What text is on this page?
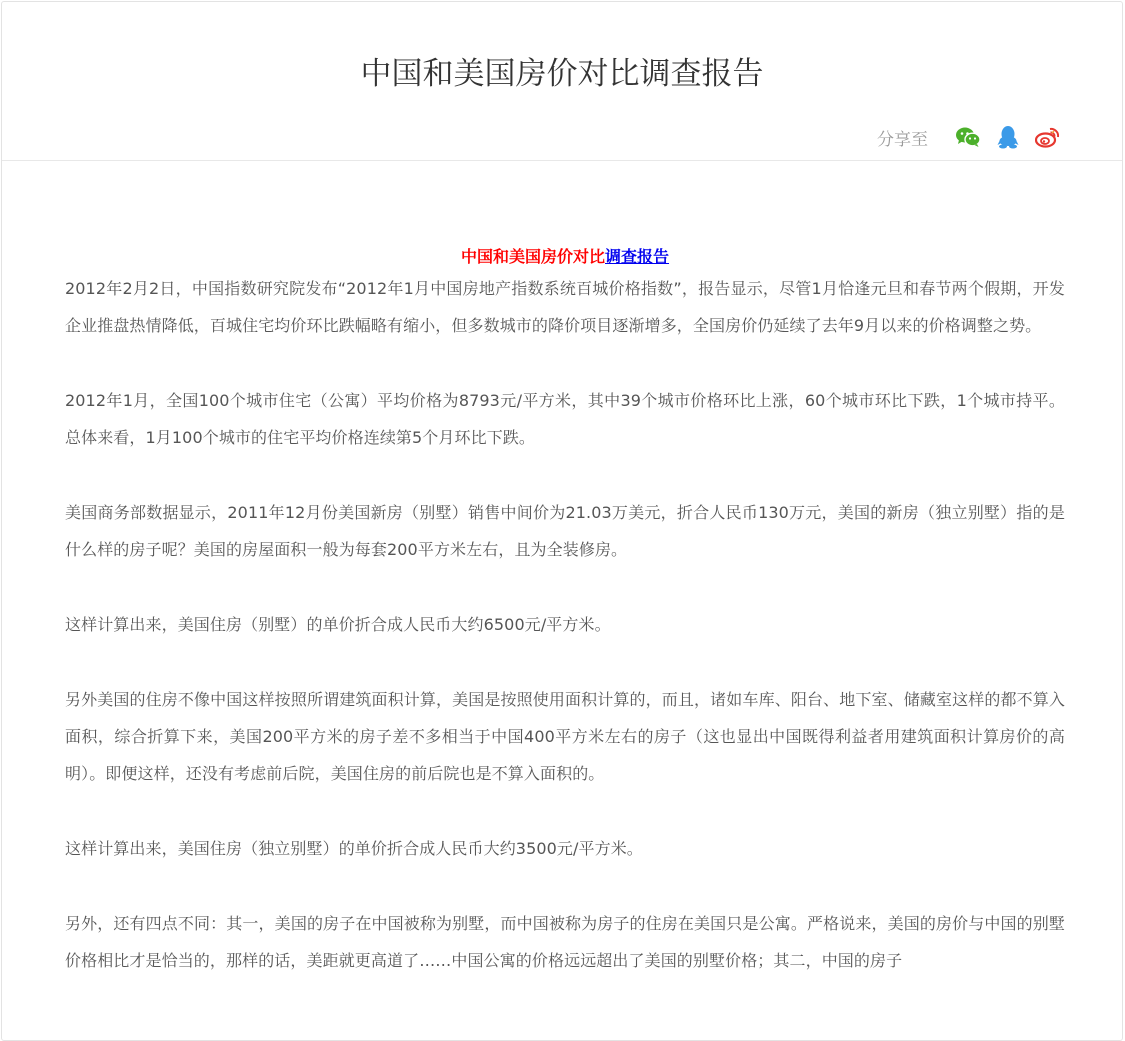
中国和美国房价对比调查报告
分享至
中国和美国房价对比调查报告

2012年2月2日，中国指数研究院发布“2012年1月中国房地产指数系统百城价格指数”，报告显示，尽管1月恰逢元旦和春节两个假期，开发企业推盘热情降低，百城住宅均价环比跌幅略有缩小，但多数城市的降价项目逐渐增多，全国房价仍延续了去年9月以来的价格调整之势。

2012年1月，全国100个城市住宅（公寓）平均价格为8793元/平方米，其中39个城市价格环比上涨，60个城市环比下跌，1个城市持平。总体来看，1月100个城市的住宅平均价格连续第5个月环比下跌。

美国商务部数据显示，2011年12月份美国新房（别墅）销售中间价为21.03万美元，折合人民币130万元，美国的新房（独立别墅）指的是什么样的房子呢？美国的房屋面积一般为每套200平方米左右，且为全装修房。

这样计算出来，美国住房（别墅）的单价折合成人民币大约6500元/平方米。

另外美国的住房不像中国这样按照所谓建筑面积计算，美国是按照使用面积计算的，而且，诸如车库、阳台、地下室、储藏室这样的都不算入面积，综合折算下来，美国200平方米的房子差不多相当于中国400平方米左右的房子（这也显出中国既得利益者用建筑面积计算房价的高明）。即便这样，还没有考虑前后院，美国住房的前后院也是不算入面积的。

这样计算出来，美国住房（独立别墅）的单价折合成人民币大约3500元/平方米。

另外，还有四点不同：其一，美国的房子在中国被称为别墅，而中国被称为房子的住房在美国只是公寓。严格说来，美国的房价与中国的别墅价格相比才是恰当的，那样的话，美距就更高道了……中国公寓的价格远远超出了美国的别墅价格；其二，中国的房子
